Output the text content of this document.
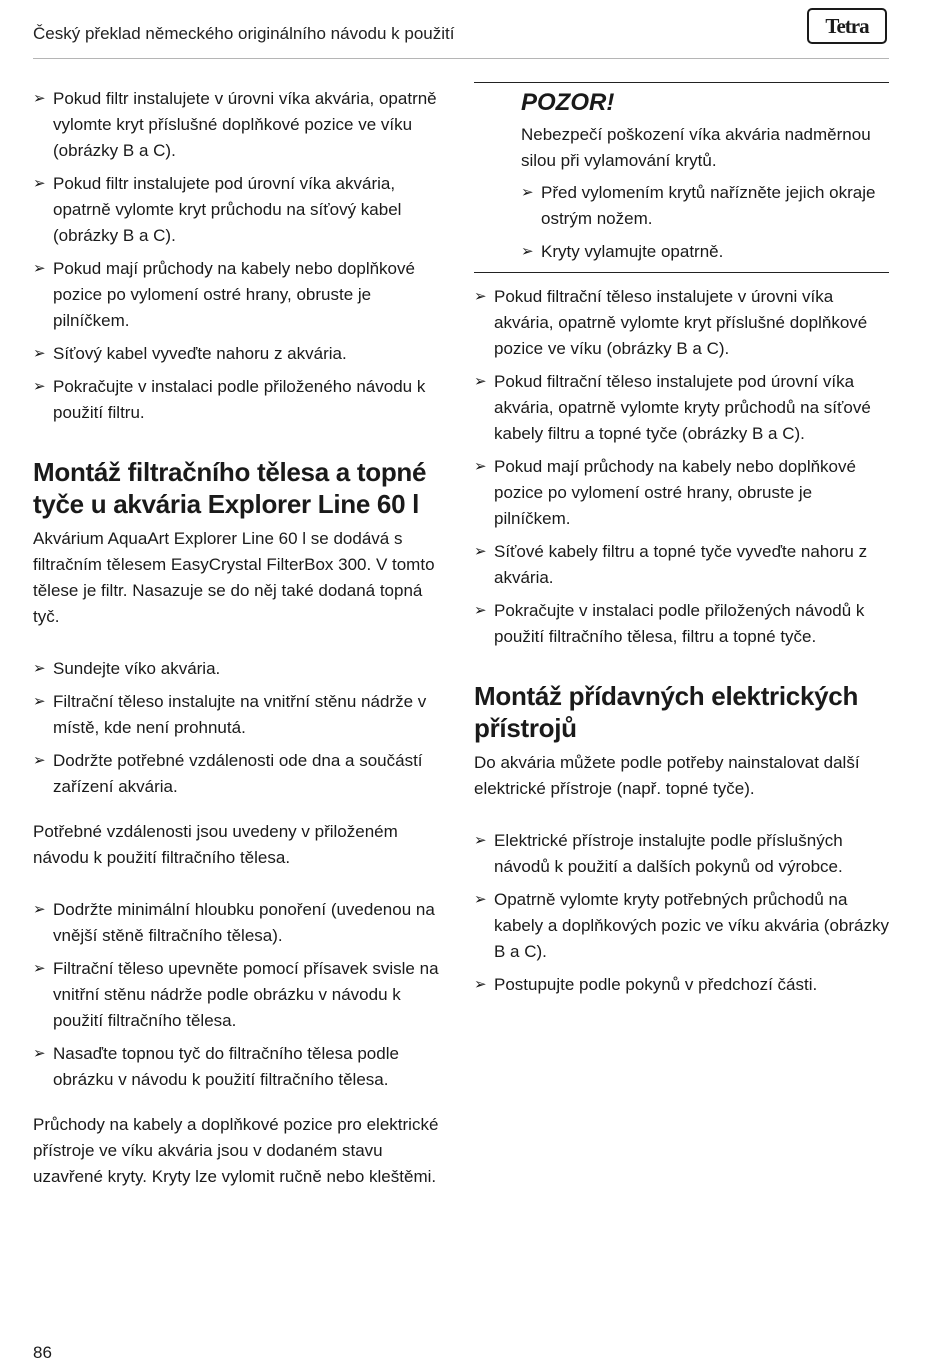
Český překlad německého originálního návodu k použití	Tetra
➢ Pokud filtr instalujete v úrovni víka akvária, opatrně vylomte kryt příslušné doplňkové pozice ve víku (obrázky B a C).
➢ Pokud filtr instalujete pod úrovní víka akvária, opatrně vylomte kryt průchodu na síťový kabel (obrázky B a C).
➢ Pokud mají průchody na kabely nebo doplňkové pozice po vylomení ostré hrany, obruste je pilníčkem.
➢ Síťový kabel vyveďte nahoru z akvária.
➢ Pokračujte v instalaci podle přiloženého návodu k použití filtru.
Montáž filtračního tělesa a topné tyče u akvária Explorer Line 60 l

Akvárium AquaArt Explorer Line 60 l se dodává s filtračním tělesem EasyCrystal FilterBox 300. V tomto tělese je filtr. Nasazuje se do něj také dodaná topná tyč.

➢ Sundejte víko akvária.
➢ Filtrační těleso instalujte na vnitřní stěnu nádrže v místě, kde není prohnutá.
➢ Dodržte potřebné vzdálenosti ode dna a součástí zařízení akvária.

Potřebné vzdálenosti jsou uvedeny v přiloženém návodu k použití filtračního tělesa.

➢ Dodržte minimální hloubku ponoření (uvedenou na vnější stěně filtračního tělesa).
➢ Filtrační těleso upevněte pomocí přísavek svisle na vnitřní stěnu nádrže podle obrázku v návodu k použití filtračního tělesa.
➢ Nasaďte topnou tyč do filtračního tělesa podle obrázku v návodu k použití filtračního tělesa.

Průchody na kabely a doplňkové pozice pro elektrické přístroje ve víku akvária jsou v dodaném stavu uzavřené kryty. Kryty lze vylomit ručně nebo kleštěmi.

POZOR!

Nebezpečí poškození víka akvária nadměrnou silou při vylamování krytů.

➢ Před vylomením krytů nařízněte jejich okraje ostrým nožem.
➢ Kryty vylamujte opatrně.
➢ Pokud filtrační těleso instalujete v úrovni víka akvária, opatrně vylomte kryt příslušné doplňkové pozice ve víku (obrázky B a C).
➢ Pokud filtrační těleso instalujete pod úrovní víka akvária, opatrně vylomte kryty průchodů na síťové kabely filtru a topné tyče (obrázky B a C).
➢ Pokud mají průchody na kabely nebo doplňkové pozice po vylomení ostré hrany, obruste je pilníčkem.
➢ Síťové kabely filtru a topné tyče vyveďte nahoru z akvária.
➢ Pokračujte v instalaci podle přiložených návodů k použití filtračního tělesa, filtru a topné tyče.
Montáž přídavných elektrických přístrojů

Do akvária můžete podle potřeby nainstalovat další elektrické přístroje (např. topné tyče).

➢ Elektrické přístroje instalujte podle příslušných návodů k použití a dalších pokynů od výrobce.
➢ Opatrně vylomte kryty potřebných průchodů na kabely a doplňkových pozic ve víku akvária (obrázky B a C).
➢ Postupujte podle pokynů v předchozí části.
86
